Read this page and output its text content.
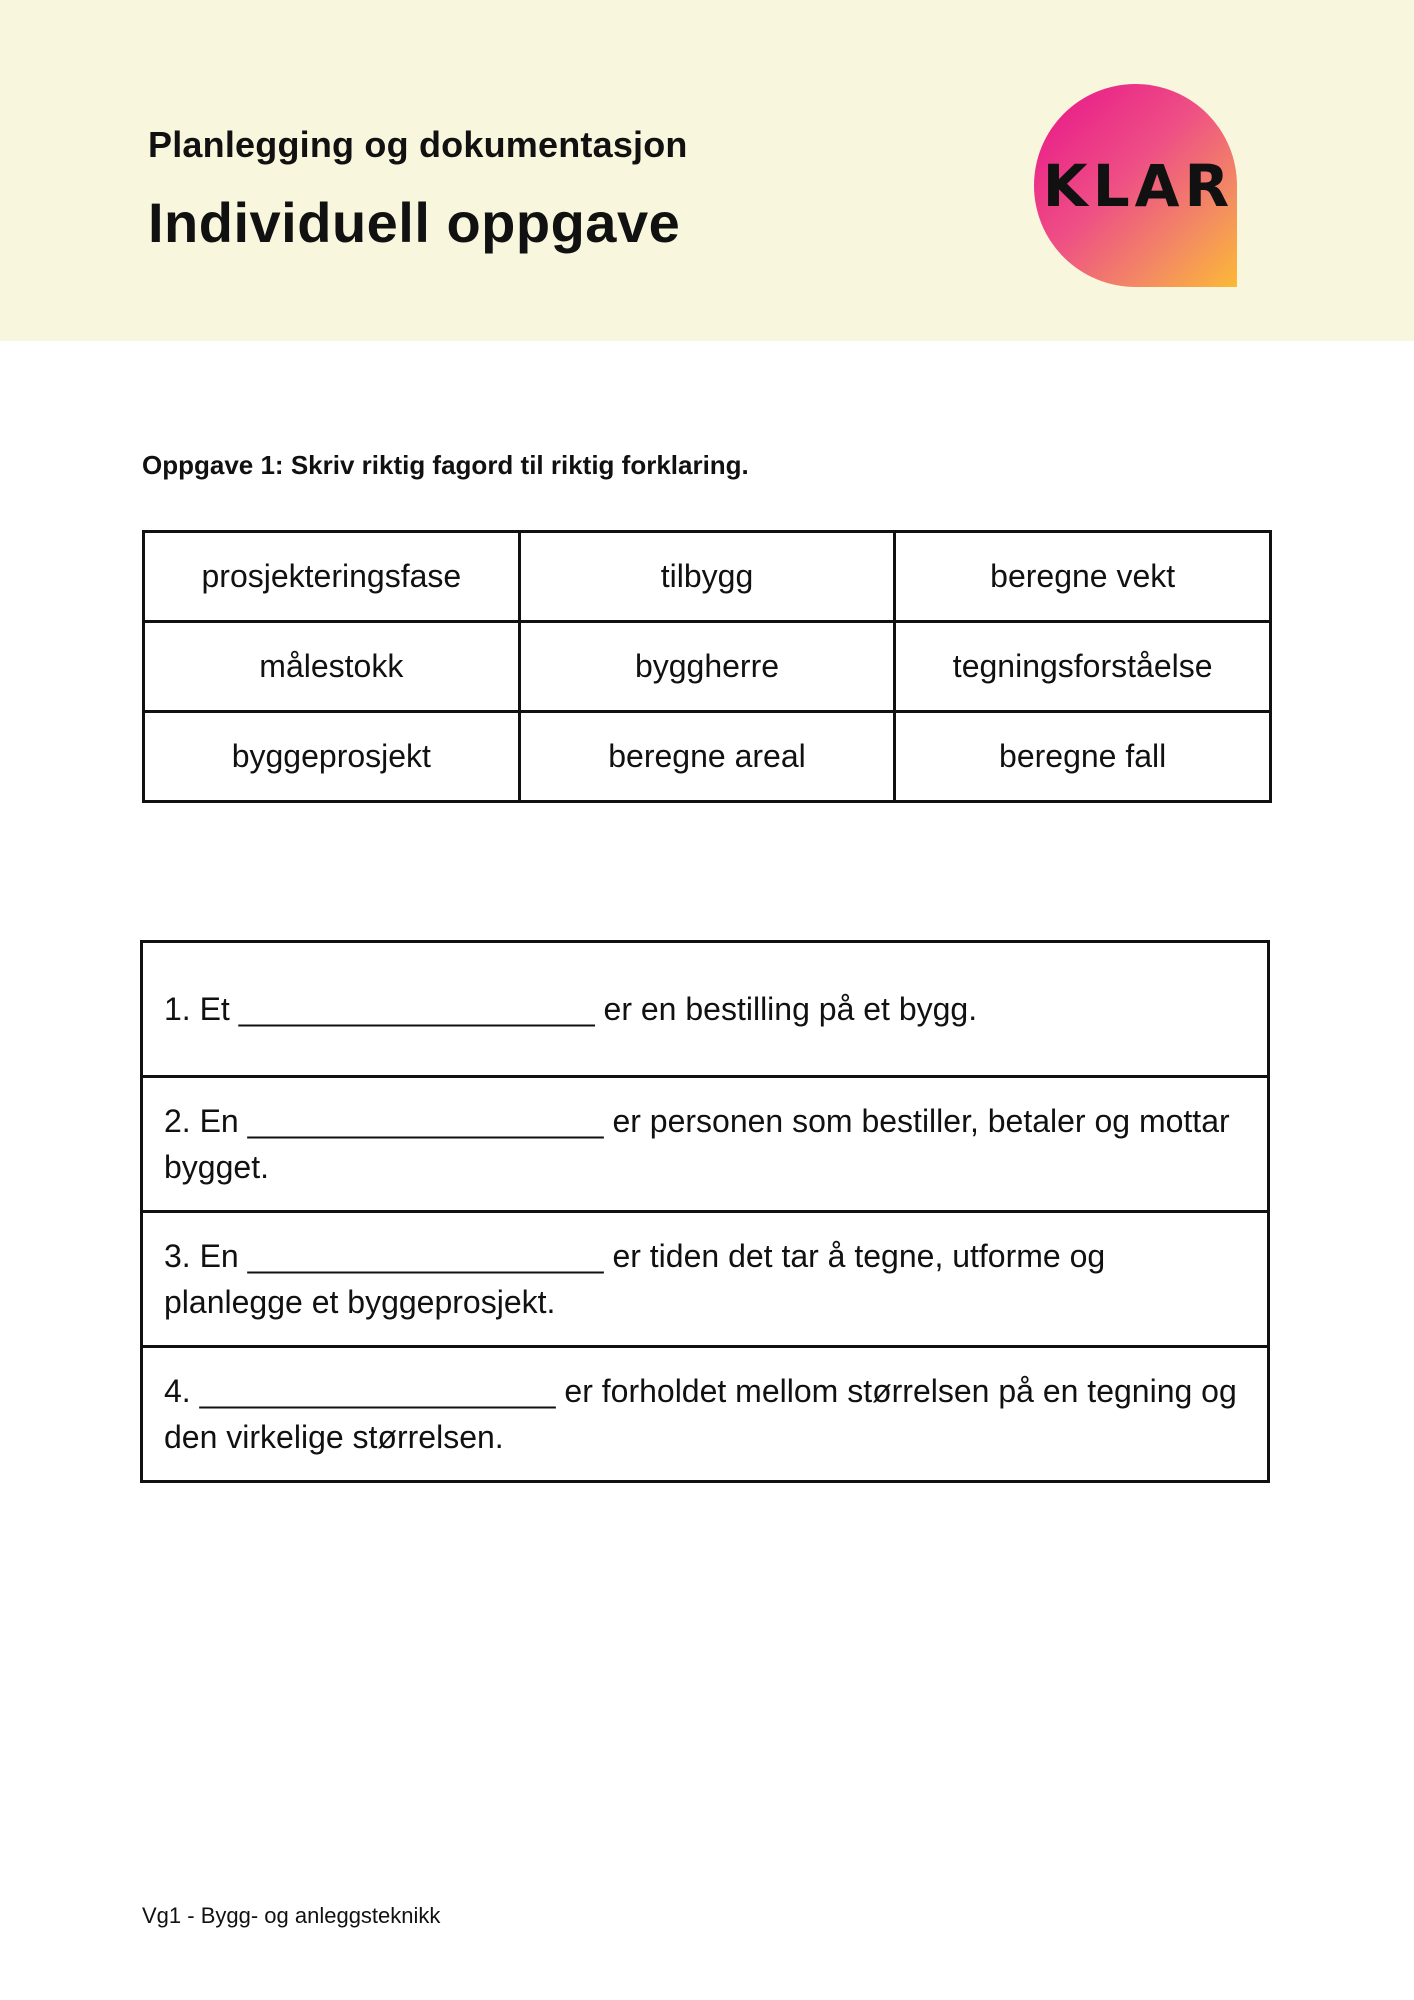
Planlegging og dokumentasjon
Individuell oppgave
KLAR
Oppgave 1: Skriv riktig fagord til riktig forklaring.
prosjekteringsfase	tilbygg	beregne vekt
målestokk	byggherre	tegningsforståelse
byggeprosjekt	beregne areal	beregne fall
1. Et ____________________ er en bestilling på et bygg.
2. En ____________________ er personen som bestiller, betaler og mottar bygget.
3. En ____________________ er tiden det tar å tegne, utforme og planlegge et byggeprosjekt.
4. ____________________ er forholdet mellom størrelsen på en tegning og den virkelige størrelsen.
Vg1 - Bygg- og anleggsteknikk
